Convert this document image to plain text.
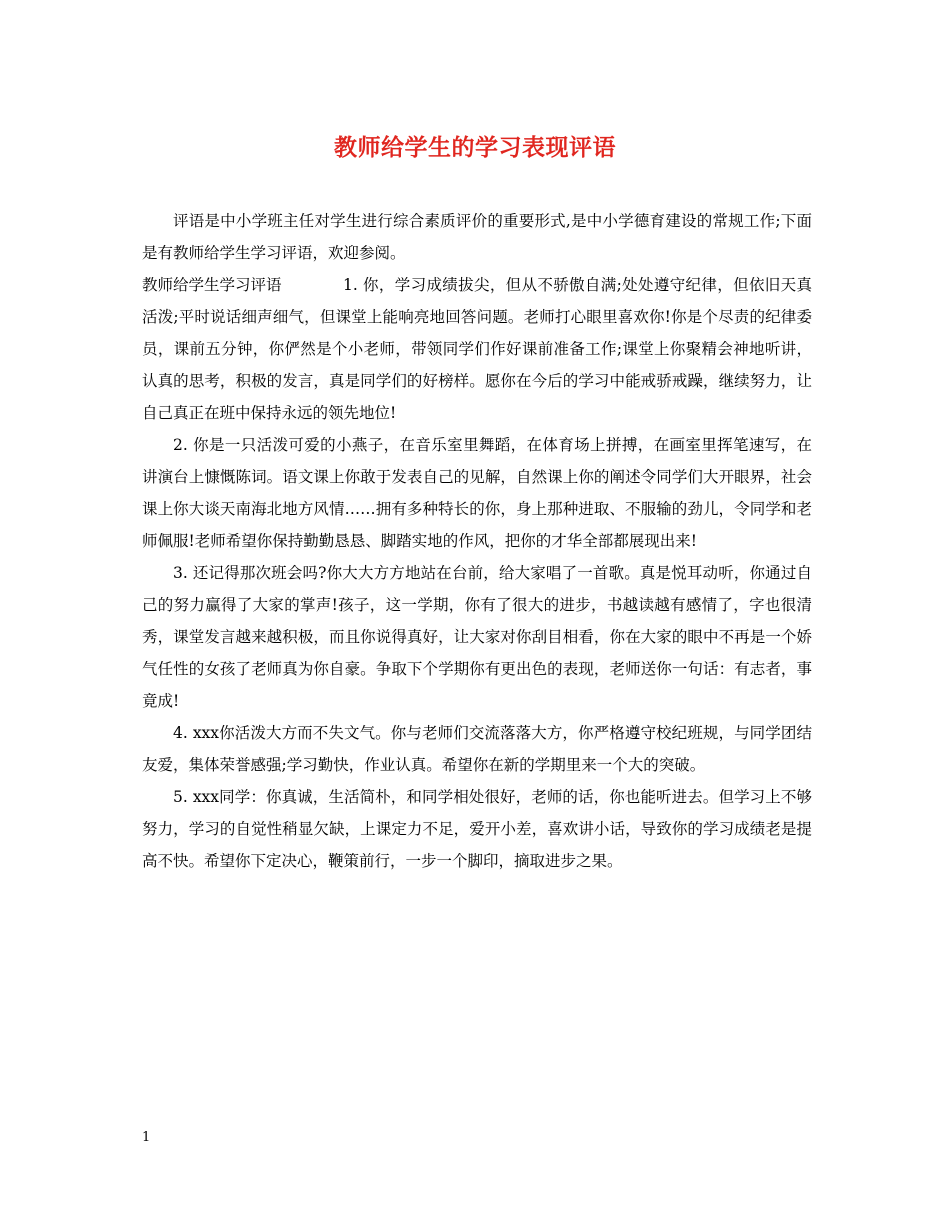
教师给学生的学习表现评语

评语是中小学班主任对学生进行综合素质评价的重要形式,是中小学德育建设的常规工作;下面是有教师给学生学习评语，欢迎参阅。

教师给学生学习评语	1. 你，学习成绩拔尖，但从不骄傲自满;处处遵守纪律，但依旧天真活泼;平时说话细声细气，但课堂上能响亮地回答问题。老师打心眼里喜欢你!你是个尽责的纪律委员，课前五分钟，你俨然是个小老师，带领同学们作好课前准备工作;课堂上你聚精会神地听讲，认真的思考，积极的发言，真是同学们的好榜样。愿你在今后的学习中能戒骄戒躁，继续努力，让自己真正在班中保持永远的领先地位!

2. 你是一只活泼可爱的小燕子，在音乐室里舞蹈，在体育场上拼搏，在画室里挥笔速写，在讲演台上慷慨陈词。语文课上你敢于发表自己的见解，自然课上你的阐述令同学们大开眼界，社会课上你大谈天南海北地方风情……拥有多种特长的你，身上那种进取、不服输的劲儿，令同学和老师佩服!老师希望你保持勤勤恳恳、脚踏实地的作风，把你的才华全部都展现出来!

3. 还记得那次班会吗?你大大方方地站在台前，给大家唱了一首歌。真是悦耳动听，你通过自己的努力赢得了大家的掌声!孩子，这一学期，你有了很大的进步，书越读越有感情了，字也很清秀，课堂发言越来越积极，而且你说得真好，让大家对你刮目相看，你在大家的眼中不再是一个娇气任性的女孩了老师真为你自豪。争取下个学期你有更出色的表现，老师送你一句话：有志者，事竟成!

4. xxx你活泼大方而不失文气。你与老师们交流落落大方，你严格遵守校纪班规，与同学团结友爱，集体荣誉感强;学习勤快，作业认真。希望你在新的学期里来一个大的突破。

5. xxx同学：你真诚，生活简朴，和同学相处很好，老师的话，你也能听进去。但学习上不够努力，学习的自觉性稍显欠缺，上课定力不足，爱开小差，喜欢讲小话，导致你的学习成绩老是提高不快。希望你下定决心，鞭策前行，一步一个脚印，摘取进步之果。

1
